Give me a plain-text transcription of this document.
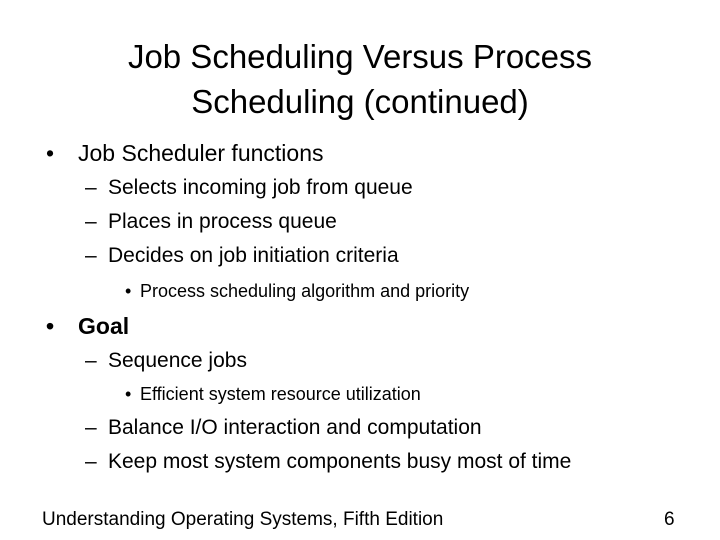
Job Scheduling Versus Process
Scheduling (continued)
• Job Scheduler functions
– Selects incoming job from queue
– Places in process queue
– Decides on job initiation criteria
• Process scheduling algorithm and priority
• Goal
– Sequence jobs
• Efficient system resource utilization
– Balance I/O interaction and computation
– Keep most system components busy most of time
Understanding Operating Systems, Fifth Edition	6
